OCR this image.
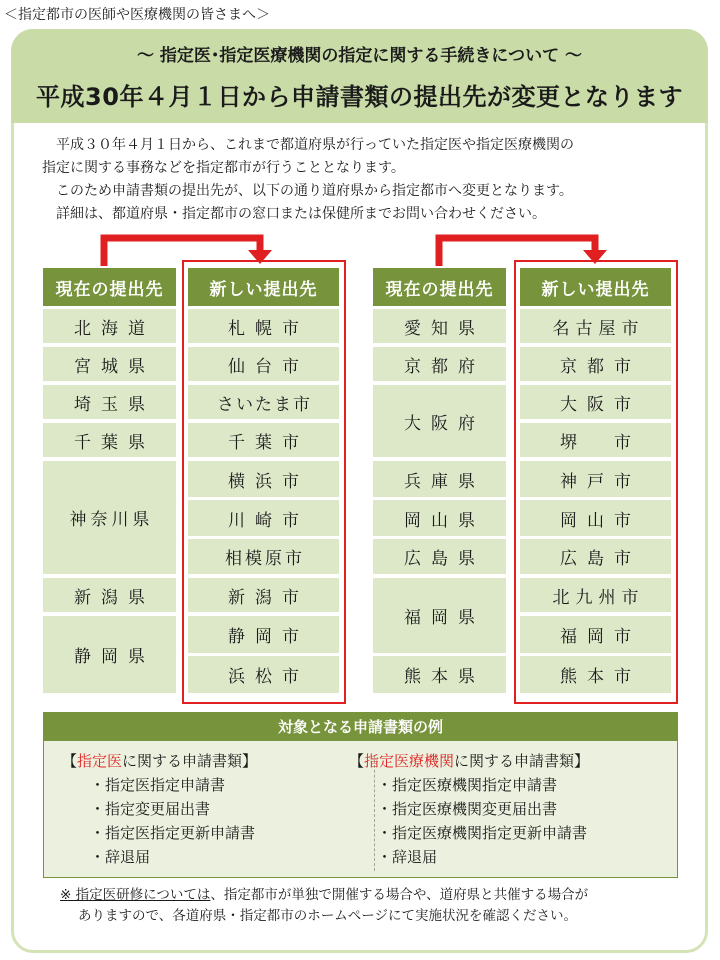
＜指定都市の医師や医療機関の皆さまへ＞
～ 指定医･指定医療機関の指定に関する手続きについて ～
平成30年４月１日から申請書類の提出先が変更となります

平成３０年４月１日から、これまで都道府県が行っていた指定医や指定医療機関の

指定に関する事務などを指定都市が行うこととなります。

このため申請書類の提出先が、以下の通り道府県から指定都市へ変更となります。

詳細は、都道府県・指定都市の窓口または保健所までお問い合わせください。

現在の提出先	新しい提出先
北海道
宮城県
埼玉県
千葉県
神奈川県
新潟県
静岡県
札幌市
仙台市
さいたま市
千葉市
横浜市
川崎市
相模原市
新潟市
静岡市
浜松市
現在の提出先	新しい提出先
愛知県
京都府
大阪府
兵庫県
岡山県
広島県
福岡県
熊本県
名古屋市
京都市
大阪市
堺　市
神戸市
岡山市
広島市
北九州市
福岡市
熊本市
対象となる申請書類の例
【指定医に関する申請書類】
・指定医指定申請書
・指定変更届出書
・指定医指定更新申請書
・辞退届
【指定医療機関に関する申請書類】
・指定医療機関指定申請書
・指定医療機関変更届出書
・指定医療機関指定更新申請書
・辞退届
※ 指定医研修については、指定都市が単独で開催する場合や、道府県と共催する場合が
ありますので、各道府県・指定都市のホームページにて実施状況を確認ください。
